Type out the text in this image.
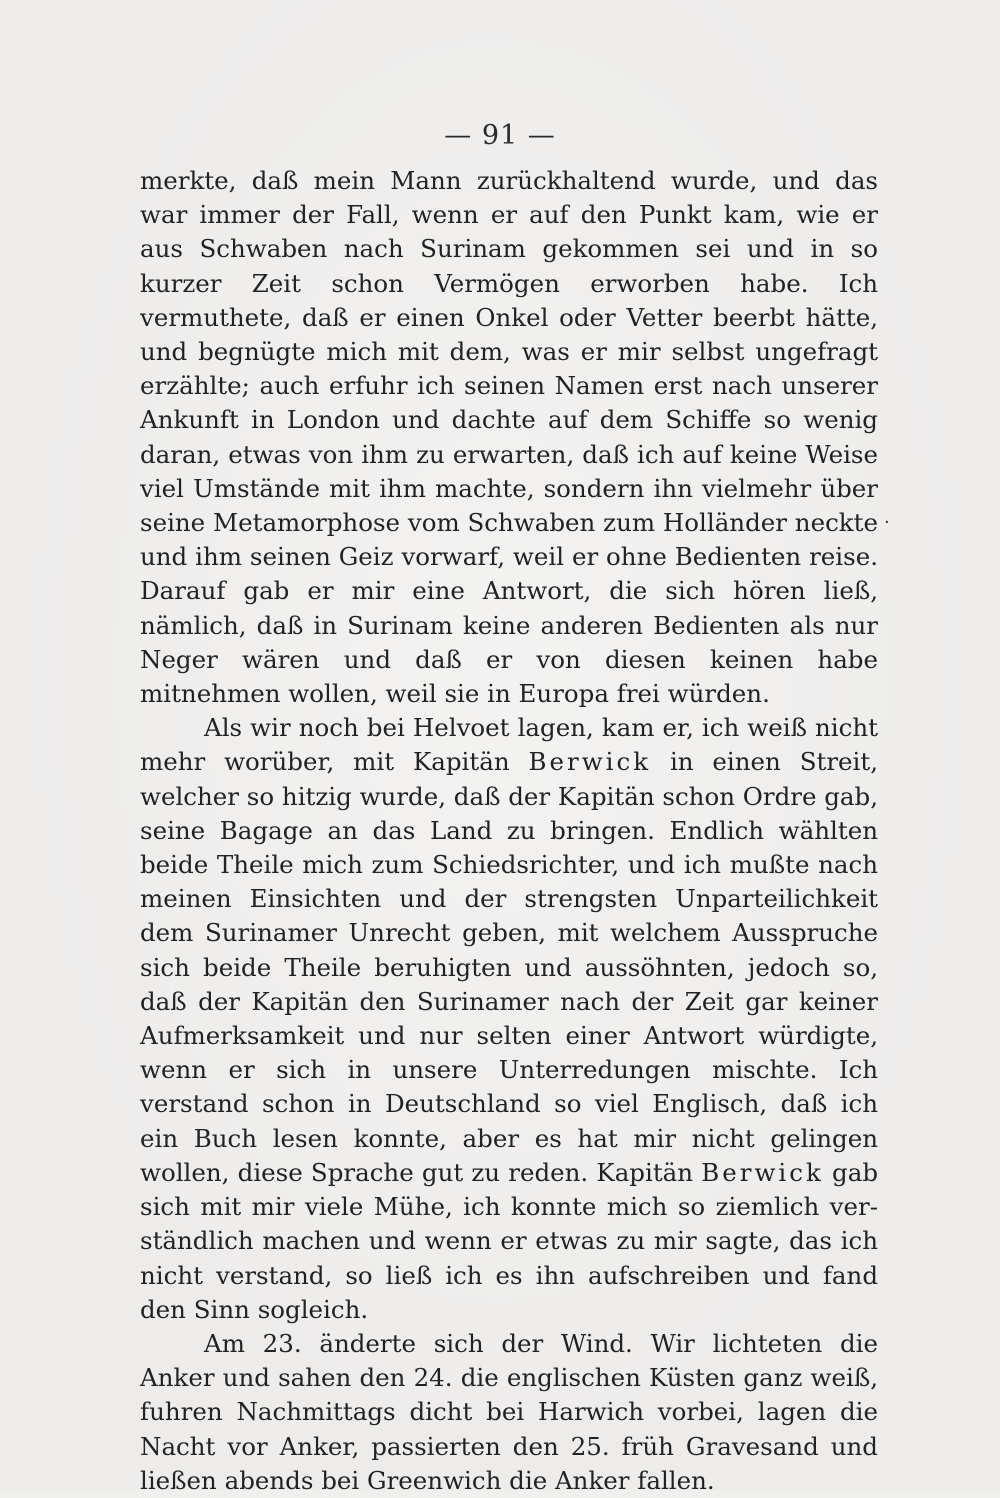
— 91 —

merkte, daß mein Mann zurückhaltend wurde, und das war immer der Fall, wenn er auf den Punkt kam, wie er aus Schwaben nach Surinam gekommen sei und in so kurzer Zeit schon Vermögen erworben habe. Ich vermuthete, daß er einen Onkel oder Vetter beerbt hätte, und begnügte mich mit dem, was er mir selbst ungefragt erzählte; auch erfuhr ich seinen Namen erst nach unserer Ankunft in London und dachte auf dem Schiffe so wenig daran, etwas von ihm zu erwarten, daß ich auf keine Weise viel Umstände mit ihm machte, sondern ihn vielmehr über seine Metamorphose vom Schwaben zum Holländer neckte und ihm seinen Geiz vorwarf, weil er ohne Bedienten reise. Darauf gab er mir eine Antwort, die sich hören ließ, nämlich, daß in Surinam keine anderen Bedienten als nur Neger wären und daß er von diesen keinen habe mitnehmen wollen, weil sie in Europa frei würden.

Als wir noch bei Helvoet lagen, kam er, ich weiß nicht mehr worüber, mit Kapitän Berwick in einen Streit, welcher so hitzig wurde, daß der Kapitän schon Ordre gab, seine Bagage an das Land zu bringen. Endlich wählten beide Theile mich zum Schiedsrichter, und ich mußte nach meinen Einsichten und der strengsten Unparteilichkeit dem Surinamer Unrecht geben, mit welchem Ausspruche sich beide Theile beruhigten und aussöhnten, jedoch so, daß der Kapitän den Surinamer nach der Zeit gar keiner Aufmerksamkeit und nur selten einer Antwort würdigte, wenn er sich in unsere Unterredungen mischte. Ich verstand schon in Deutschland so viel Englisch, daß ich ein Buch lesen konnte, aber es hat mir nicht gelingen wollen, diese Sprache gut zu reden. Kapitän Berwick gab sich mit mir viele Mühe, ich konnte mich so ziemlich verständlich machen und wenn er etwas zu mir sagte, das ich nicht verstand, so ließ ich es ihn aufschreiben und fand den Sinn sogleich.

Am 23. änderte sich der Wind. Wir lichteten die Anker und sahen den 24. die englischen Küsten ganz weiß, fuhren Nachmittags dicht bei Harwich vorbei, lagen die Nacht vor Anker, passierten den 25. früh Gravesand und ließen abends bei Greenwich die Anker fallen.

·
